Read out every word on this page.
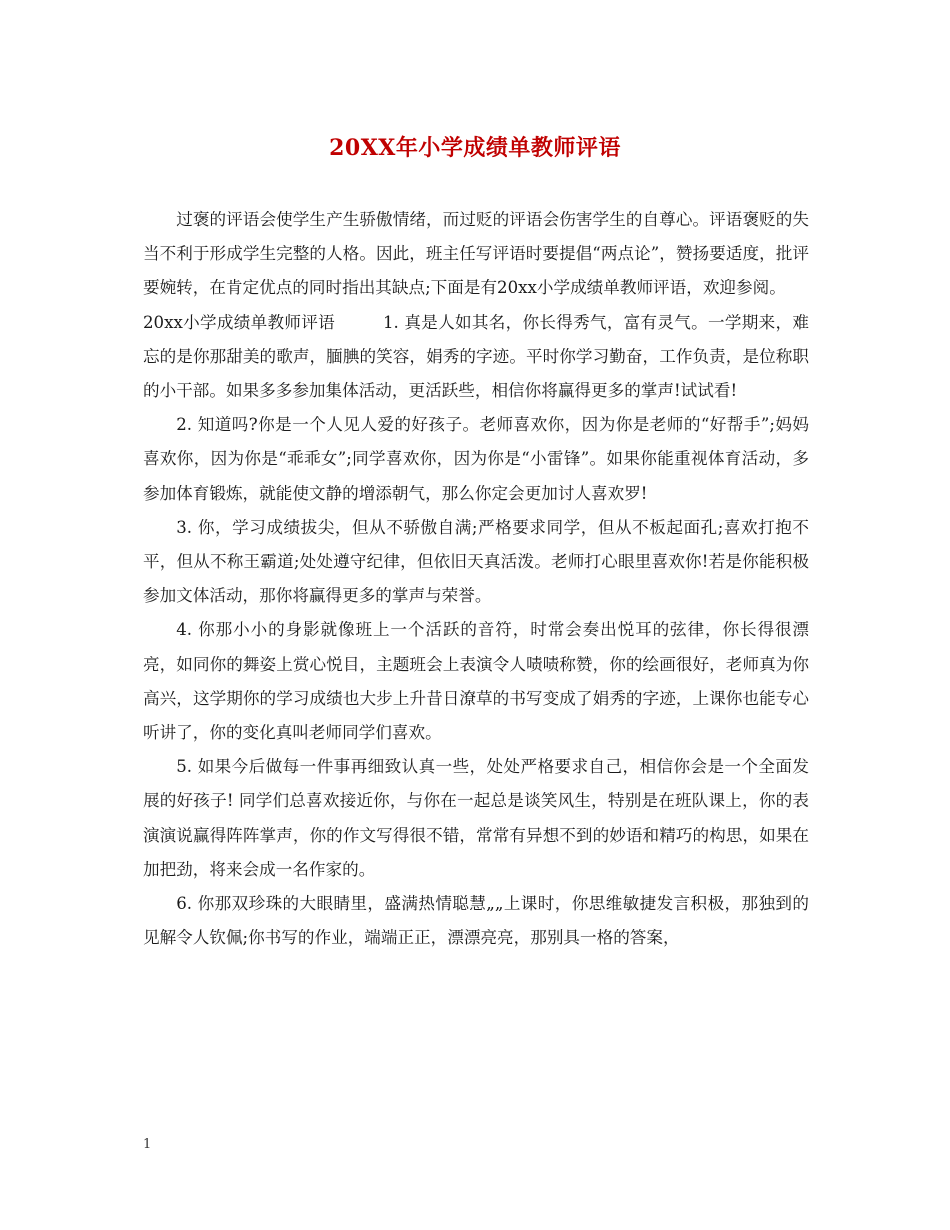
20XX年小学成绩单教师评语

过褒的评语会使学生产生骄傲情绪，而过贬的评语会伤害学生的自尊心。评语褒贬的失当不利于形成学生完整的人格。因此，班主任写评语时要提倡“两点论”，赞扬要适度，批评要婉转，在肯定优点的同时指出其缺点;下面是有20xx小学成绩单教师评语，欢迎参阅。

20xx小学成绩单教师评语	1. 真是人如其名，你长得秀气，富有灵气。一学期来，难忘的是你那甜美的歌声，腼腆的笑容，娟秀的字迹。平时你学习勤奋，工作负责，是位称职的小干部。如果多多参加集体活动，更活跃些，相信你将赢得更多的掌声!试试看!

2. 知道吗?你是一个人见人爱的好孩子。老师喜欢你，因为你是老师的“好帮手”;妈妈喜欢你，因为你是“乖乖女”;同学喜欢你，因为你是“小雷锋”。如果你能重视体育活动，多参加体育锻炼，就能使文静的增添朝气，那么你定会更加讨人喜欢罗!

3. 你，学习成绩拔尖，但从不骄傲自满;严格要求同学，但从不板起面孔;喜欢打抱不平，但从不称王霸道;处处遵守纪律，但依旧天真活泼。老师打心眼里喜欢你!若是你能积极参加文体活动，那你将赢得更多的掌声与荣誉。

4. 你那小小的身影就像班上一个活跃的音符，时常会奏出悦耳的弦律，你长得很漂亮，如同你的舞姿上赏心悦目，主题班会上表演令人啧啧称赞，你的绘画很好，老师真为你高兴，这学期你的学习成绩也大步上升昔日潦草的书写变成了娟秀的字迹，上课你也能专心听讲了，你的变化真叫老师同学们喜欢。

5. 如果今后做每一件事再细致认真一些，处处严格要求自己，相信你会是一个全面发展的好孩子! 同学们总喜欢接近你，与你在一起总是谈笑风生，特别是在班队课上，你的表演演说赢得阵阵掌声，你的作文写得很不错，常常有异想不到的妙语和精巧的构思，如果在加把劲，将来会成一名作家的。

6. 你那双珍珠的大眼睛里，盛满热情聪慧„„上课时，你思维敏捷发言积极，那独到的见解令人钦佩;你书写的作业，端端正正，漂漂亮亮，那别具一格的答案，

1
